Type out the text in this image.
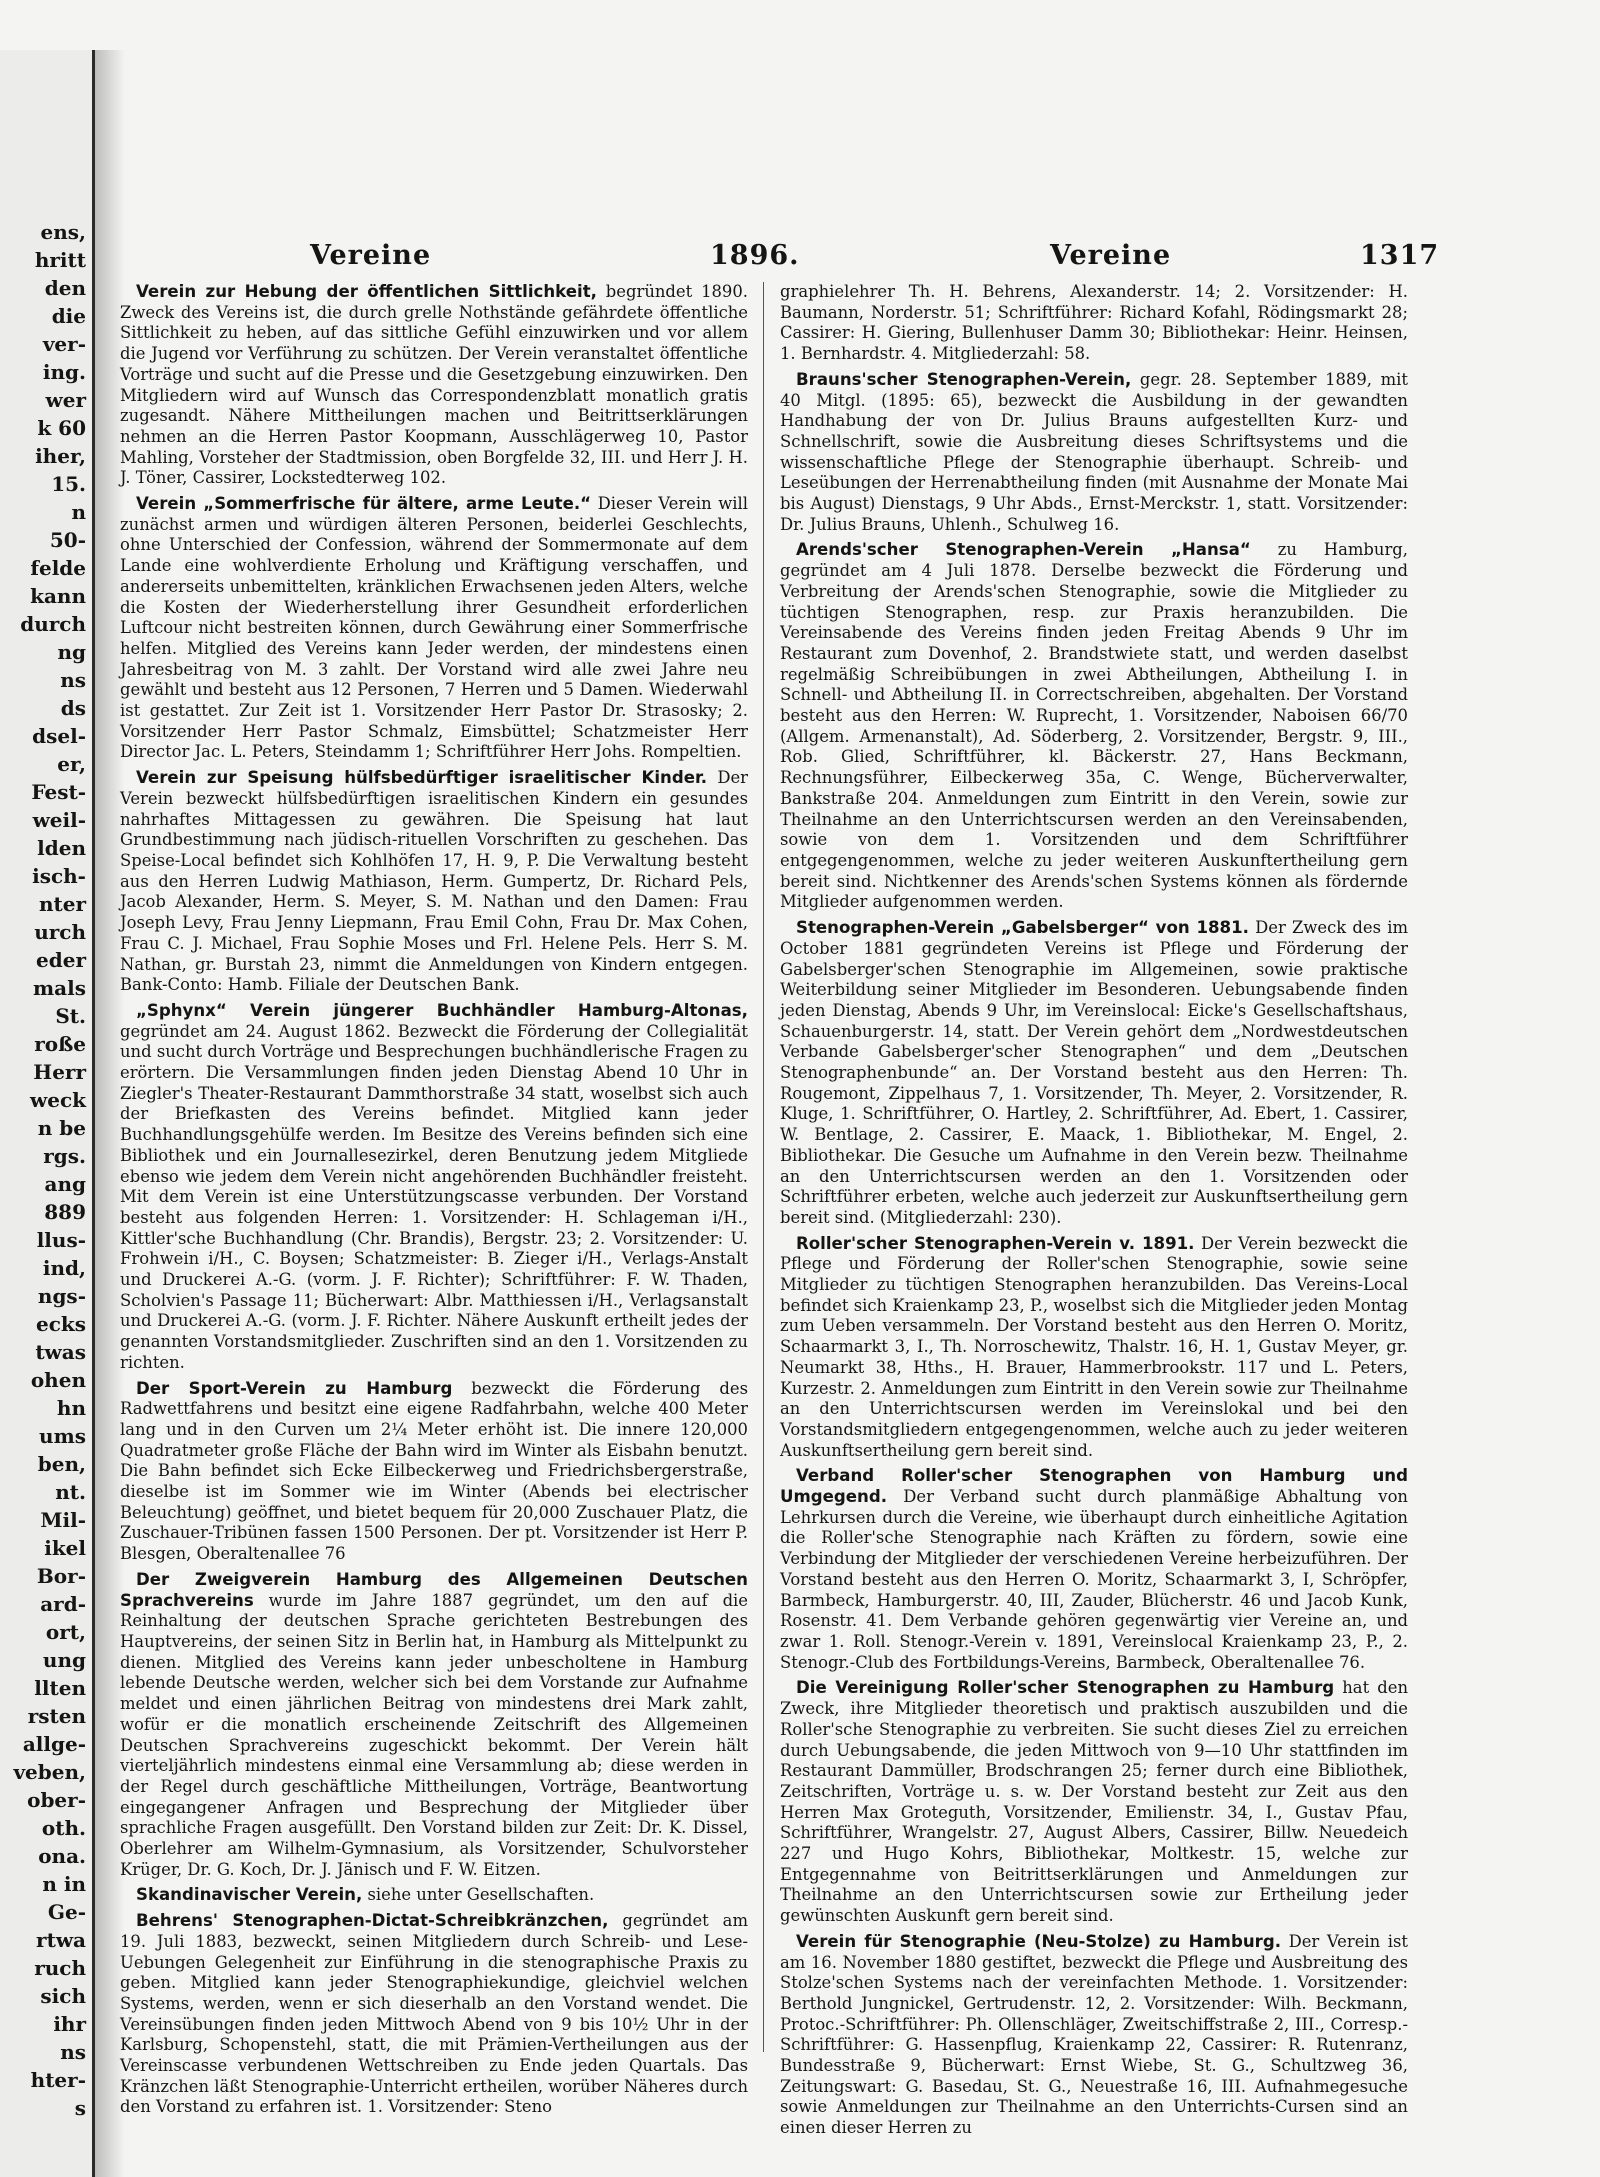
ens,
hritt
den
die
ver-
ing.
wer
k 60
iher,
15.
n
50-
felde
kann
durch
ng
ns
ds
dsel-
er,
Fest-
weil-
lden
isch-
nter
urch
eder
mals
St.
roße
Herr
weck
n be
rgs.
ang
889
llus-
ind,
ngs-
ecks
twas
ohen
hn
ums
ben,
nt.
Mil-
ikel
Bor-
ard-
ort,
ung
llten
rsten
allge-
veben,
ober-
oth.
ona.
n in
Ge-
rtwa
ruch
sich
ihr
ns
hter-
s
Vereine	1896.	Vereine	1317

Verein zur Hebung der öffentlichen Sittlichkeit, begründet 1890. Zweck des Vereins ist, die durch grelle Nothstände gefährdete öffentliche Sittlichkeit zu heben, auf das sittliche Gefühl einzuwirken und vor allem die Jugend vor Verführung zu schützen. Der Verein veranstaltet öffentliche Vorträge und sucht auf die Presse und die Gesetzgebung einzuwirken. Den Mitgliedern wird auf Wunsch das Correspondenzblatt monatlich gratis zugesandt. Nähere Mittheilungen machen und Beitrittserklärungen nehmen an die Herren Pastor Koopmann, Ausschlägerweg 10, Pastor Mahling, Vorsteher der Stadtmission, oben Borgfelde 32, III. und Herr J. H. J. Töner, Cassirer, Lockstedterweg 102.

Verein „Sommerfrische für ältere, arme Leute.“ Dieser Verein will zunächst armen und würdigen älteren Personen, beiderlei Geschlechts, ohne Unterschied der Confession, während der Sommermonate auf dem Lande eine wohlverdiente Erholung und Kräftigung verschaffen, und andererseits unbemittelten, kränklichen Erwachsenen jeden Alters, welche die Kosten der Wiederherstellung ihrer Gesundheit erforderlichen Luftcour nicht bestreiten können, durch Gewährung einer Sommerfrische helfen. Mitglied des Vereins kann Jeder werden, der mindestens einen Jahresbeitrag von M. 3 zahlt. Der Vorstand wird alle zwei Jahre neu gewählt und besteht aus 12 Personen, 7 Herren und 5 Damen. Wiederwahl ist gestattet. Zur Zeit ist 1. Vorsitzender Herr Pastor Dr. Strasosky; 2. Vorsitzender Herr Pastor Schmalz, Eimsbüttel; Schatzmeister Herr Director Jac. L. Peters, Steindamm 1; Schriftführer Herr Johs. Rompeltien.

Verein zur Speisung hülfsbedürftiger israelitischer Kinder. Der Verein bezweckt hülfsbedürftigen israelitischen Kindern ein gesundes nahrhaftes Mittagessen zu gewähren. Die Speisung hat laut Grundbestimmung nach jüdisch-rituellen Vorschriften zu geschehen. Das Speise-Local befindet sich Kohlhöfen 17, H. 9, P. Die Verwaltung besteht aus den Herren Ludwig Mathiason, Herm. Gumpertz, Dr. Richard Pels, Jacob Alexander, Herm. S. Meyer, S. M. Nathan und den Damen: Frau Joseph Levy, Frau Jenny Liepmann, Frau Emil Cohn, Frau Dr. Max Cohen, Frau C. J. Michael, Frau Sophie Moses und Frl. Helene Pels. Herr S. M. Nathan, gr. Burstah 23, nimmt die Anmeldungen von Kindern entgegen. Bank-Conto: Hamb. Filiale der Deutschen Bank.

„Sphynx“ Verein jüngerer Buchhändler Hamburg-Altonas, gegründet am 24. August 1862. Bezweckt die Förderung der Collegialität und sucht durch Vorträge und Besprechungen buchhändlerische Fragen zu erörtern. Die Versammlungen finden jeden Dienstag Abend 10 Uhr in Ziegler's Theater-Restaurant Dammthorstraße 34 statt, woselbst sich auch der Briefkasten des Vereins befindet. Mitglied kann jeder Buchhandlungsgehülfe werden. Im Besitze des Vereins befinden sich eine Bibliothek und ein Journallesezirkel, deren Benutzung jedem Mitgliede ebenso wie jedem dem Verein nicht angehörenden Buchhändler freisteht. Mit dem Verein ist eine Unterstützungscasse verbunden. Der Vorstand besteht aus folgenden Herren: 1. Vorsitzender: H. Schlageman i/H., Kittler'sche Buchhandlung (Chr. Brandis), Bergstr. 23; 2. Vorsitzender: U. Frohwein i/H., C. Boysen; Schatzmeister: B. Zieger i/H., Verlags-Anstalt und Druckerei A.-G. (vorm. J. F. Richter); Schriftführer: F. W. Thaden, Scholvien's Passage 11; Bücherwart: Albr. Matthiessen i/H., Verlagsanstalt und Druckerei A.-G. (vorm. J. F. Richter. Nähere Auskunft ertheilt jedes der genannten Vorstandsmitglieder. Zuschriften sind an den 1. Vorsitzenden zu richten.

Der Sport-Verein zu Hamburg bezweckt die Förderung des Radwettfahrens und besitzt eine eigene Radfahrbahn, welche 400 Meter lang und in den Curven um 2¼ Meter erhöht ist. Die innere 120,000 Quadratmeter große Fläche der Bahn wird im Winter als Eisbahn benutzt. Die Bahn befindet sich Ecke Eilbeckerweg und Friedrichsbergerstraße, dieselbe ist im Sommer wie im Winter (Abends bei electrischer Beleuchtung) geöffnet, und bietet bequem für 20,000 Zuschauer Platz, die Zuschauer-Tribünen fassen 1500 Personen. Der pt. Vorsitzender ist Herr P. Blesgen, Oberaltenallee 76

Der Zweigverein Hamburg des Allgemeinen Deutschen Sprachvereins wurde im Jahre 1887 gegründet, um den auf die Reinhaltung der deutschen Sprache gerichteten Bestrebungen des Hauptvereins, der seinen Sitz in Berlin hat, in Hamburg als Mittelpunkt zu dienen. Mitglied des Vereins kann jeder unbescholtene in Hamburg lebende Deutsche werden, welcher sich bei dem Vorstande zur Aufnahme meldet und einen jährlichen Beitrag von mindestens drei Mark zahlt, wofür er die monatlich erscheinende Zeitschrift des Allgemeinen Deutschen Sprachvereins zugeschickt bekommt. Der Verein hält vierteljährlich mindestens einmal eine Versammlung ab; diese werden in der Regel durch geschäftliche Mittheilungen, Vorträge, Beantwortung eingegangener Anfragen und Besprechung der Mitglieder über sprachliche Fragen ausgefüllt. Den Vorstand bilden zur Zeit: Dr. K. Dissel, Oberlehrer am Wilhelm-Gymnasium, als Vorsitzender, Schulvorsteher Krüger, Dr. G. Koch, Dr. J. Jänisch und F. W. Eitzen.

Skandinavischer Verein, siehe unter Gesellschaften.

Behrens' Stenographen-Dictat-Schreibkränzchen, gegründet am 19. Juli 1883, bezweckt, seinen Mitgliedern durch Schreib- und Lese-Uebungen Gelegenheit zur Einführung in die stenographische Praxis zu geben. Mitglied kann jeder Stenographiekundige, gleichviel welchen Systems, werden, wenn er sich dieserhalb an den Vorstand wendet. Die Vereinsübungen finden jeden Mittwoch Abend von 9 bis 10½ Uhr in der Karlsburg, Schopenstehl, statt, die mit Prämien-Vertheilungen aus der Vereinscasse verbundenen Wettschreiben zu Ende jeden Quartals. Das Kränzchen läßt Stenographie-Unterricht ertheilen, worüber Näheres durch den Vorstand zu erfahren ist. 1. Vorsitzender: Steno

graphielehrer Th. H. Behrens, Alexanderstr. 14; 2. Vorsitzender: H. Baumann, Norderstr. 51; Schriftführer: Richard Kofahl, Rödingsmarkt 28; Cassirer: H. Giering, Bullenhuser Damm 30; Bibliothekar: Heinr. Heinsen, 1. Bernhardstr. 4. Mitgliederzahl: 58.

Brauns'scher Stenographen-Verein, gegr. 28. September 1889, mit 40 Mitgl. (1895: 65), bezweckt die Ausbildung in der gewandten Handhabung der von Dr. Julius Brauns aufgestellten Kurz- und Schnellschrift, sowie die Ausbreitung dieses Schriftsystems und die wissenschaftliche Pflege der Stenographie überhaupt. Schreib- und Leseübungen der Herrenabtheilung finden (mit Ausnahme der Monate Mai bis August) Dienstags, 9 Uhr Abds., Ernst-Merckstr. 1, statt. Vorsitzender: Dr. Julius Brauns, Uhlenh., Schulweg 16.

Arends'scher Stenographen-Verein „Hansa“ zu Hamburg, gegründet am 4 Juli 1878. Derselbe bezweckt die Förderung und Verbreitung der Arends'schen Stenographie, sowie die Mitglieder zu tüchtigen Stenographen, resp. zur Praxis heranzubilden. Die Vereinsabende des Vereins finden jeden Freitag Abends 9 Uhr im Restaurant zum Dovenhof, 2. Brandstwiete statt, und werden daselbst regelmäßig Schreibübungen in zwei Abtheilungen, Abtheilung I. in Schnell- und Abtheilung II. in Correctschreiben, abgehalten. Der Vorstand besteht aus den Herren: W. Ruprecht, 1. Vorsitzender, Naboisen 66/70 (Allgem. Armenanstalt), Ad. Söderberg, 2. Vorsitzender, Bergstr. 9, III., Rob. Glied, Schriftführer, kl. Bäckerstr. 27, Hans Beckmann, Rechnungsführer, Eilbeckerweg 35a, C. Wenge, Bücherverwalter, Bankstraße 204. Anmeldungen zum Eintritt in den Verein, sowie zur Theilnahme an den Unterrichtscursen werden an den Vereinsabenden, sowie von dem 1. Vorsitzenden und dem Schriftführer entgegengenommen, welche zu jeder weiteren Auskunftertheilung gern bereit sind. Nichtkenner des Arends'schen Systems können als fördernde Mitglieder aufgenommen werden.

Stenographen-Verein „Gabelsberger“ von 1881. Der Zweck des im October 1881 gegründeten Vereins ist Pflege und Förderung der Gabelsberger'schen Stenographie im Allgemeinen, sowie praktische Weiterbildung seiner Mitglieder im Besonderen. Uebungsabende finden jeden Dienstag, Abends 9 Uhr, im Vereinslocal: Eicke's Gesellschaftshaus, Schauenburgerstr. 14, statt. Der Verein gehört dem „Nordwestdeutschen Verbande Gabelsberger'scher Stenographen“ und dem „Deutschen Stenographenbunde“ an. Der Vorstand besteht aus den Herren: Th. Rougemont, Zippelhaus 7, 1. Vorsitzender, Th. Meyer, 2. Vorsitzender, R. Kluge, 1. Schriftführer, O. Hartley, 2. Schriftführer, Ad. Ebert, 1. Cassirer, W. Bentlage, 2. Cassirer, E. Maack, 1. Bibliothekar, M. Engel, 2. Bibliothekar. Die Gesuche um Aufnahme in den Verein bezw. Theilnahme an den Unterrichtscursen werden an den 1. Vorsitzenden oder Schriftführer erbeten, welche auch jederzeit zur Auskunftsertheilung gern bereit sind. (Mitgliederzahl: 230).

Roller'scher Stenographen-Verein v. 1891. Der Verein bezweckt die Pflege und Förderung der Roller'schen Stenographie, sowie seine Mitglieder zu tüchtigen Stenographen heranzubilden. Das Vereins-Local befindet sich Kraienkamp 23, P., woselbst sich die Mitglieder jeden Montag zum Ueben versammeln. Der Vorstand besteht aus den Herren O. Moritz, Schaarmarkt 3, I., Th. Norroschewitz, Thalstr. 16, H. 1, Gustav Meyer, gr. Neumarkt 38, Hths., H. Brauer, Hammerbrookstr. 117 und L. Peters, Kurzestr. 2. Anmeldungen zum Eintritt in den Verein sowie zur Theilnahme an den Unterrichtscursen werden im Vereinslokal und bei den Vorstandsmitgliedern entgegengenommen, welche auch zu jeder weiteren Auskunftsertheilung gern bereit sind.

Verband Roller'scher Stenographen von Hamburg und Umgegend. Der Verband sucht durch planmäßige Abhaltung von Lehrkursen durch die Vereine, wie überhaupt durch einheitliche Agitation die Roller'sche Stenographie nach Kräften zu fördern, sowie eine Verbindung der Mitglieder der verschiedenen Vereine herbeizuführen. Der Vorstand besteht aus den Herren O. Moritz, Schaarmarkt 3, I, Schröpfer, Barmbeck, Hamburgerstr. 40, III, Zauder, Blücherstr. 46 und Jacob Kunk, Rosenstr. 41. Dem Verbande gehören gegenwärtig vier Vereine an, und zwar 1. Roll. Stenogr.-Verein v. 1891, Vereinslocal Kraienkamp 23, P., 2. Stenogr.-Club des Fortbildungs-Vereins, Barmbeck, Oberaltenallee 76.

Die Vereinigung Roller'scher Stenographen zu Hamburg hat den Zweck, ihre Mitglieder theoretisch und praktisch auszubilden und die Roller'sche Stenographie zu verbreiten. Sie sucht dieses Ziel zu erreichen durch Uebungsabende, die jeden Mittwoch von 9—10 Uhr stattfinden im Restaurant Dammüller, Brodschrangen 25; ferner durch eine Bibliothek, Zeitschriften, Vorträge u. s. w. Der Vorstand besteht zur Zeit aus den Herren Max Groteguth, Vorsitzender, Emilienstr. 34, I., Gustav Pfau, Schriftführer, Wrangelstr. 27, August Albers, Cassirer, Billw. Neuedeich 227 und Hugo Kohrs, Bibliothekar, Moltkestr. 15, welche zur Entgegennahme von Beitrittserklärungen und Anmeldungen zur Theilnahme an den Unterrichtscursen sowie zur Ertheilung jeder gewünschten Auskunft gern bereit sind.

Verein für Stenographie (Neu-Stolze) zu Hamburg. Der Verein ist am 16. November 1880 gestiftet, bezweckt die Pflege und Ausbreitung des Stolze'schen Systems nach der vereinfachten Methode. 1. Vorsitzender: Berthold Jungnickel, Gertrudenstr. 12, 2. Vorsitzender: Wilh. Beckmann, Protoc.-Schriftführer: Ph. Ollenschläger, Zweitschiffstraße 2, III., Corresp.-Schriftführer: G. Hassenpflug, Kraienkamp 22, Cassirer: R. Rutenranz, Bundesstraße 9, Bücherwart: Ernst Wiebe, St. G., Schultzweg 36, Zeitungswart: G. Basedau, St. G., Neuestraße 16, III. Aufnahmegesuche sowie Anmeldungen zur Theilnahme an den Unterrichts-Cursen sind an einen dieser Herren zu
